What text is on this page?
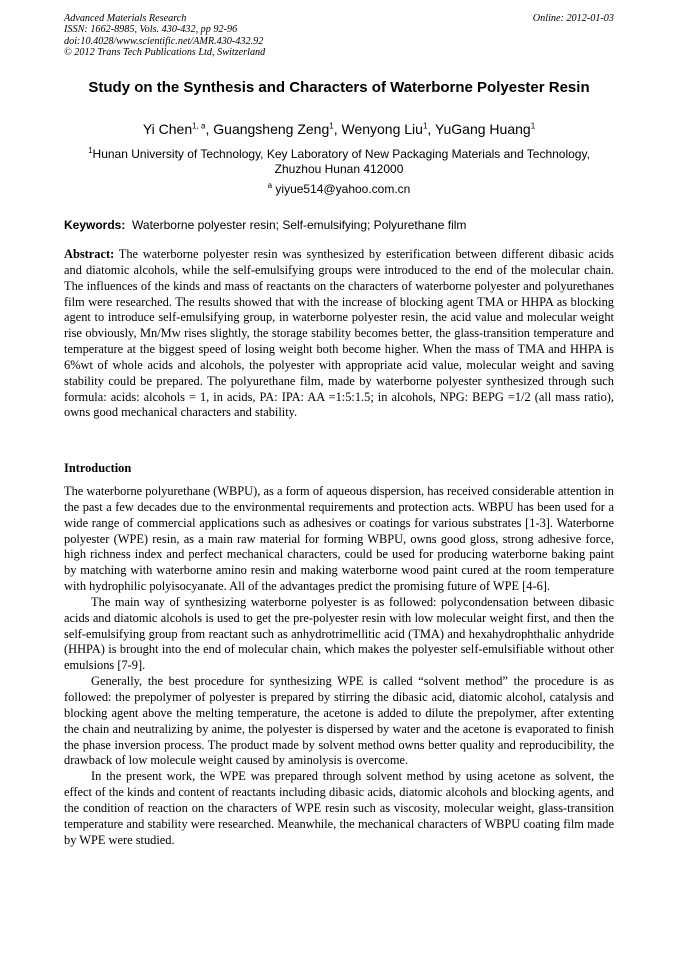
Advanced Materials Research
ISSN: 1662-8985, Vols. 430-432, pp 92-96
doi:10.4028/www.scientific.net/AMR.430-432.92
© 2012 Trans Tech Publications Ltd, Switzerland
Online: 2012-01-03
Study on the Synthesis and Characters of Waterborne Polyester Resin
Yi Chen$^{1, a}$, Guangsheng Zeng$^1$, Wenyong Liu$^1$, YuGang Huang$^1$
$^1$Hunan University of Technology, Key Laboratory of New Packaging Materials and Technology, Zhuzhou Hunan 412000
$^a$ yiyue514@yahoo.com.cn
Keywords: Waterborne polyester resin; Self-emulsifying; Polyurethane film
Abstract: The waterborne polyester resin was synthesized by esterification between different dibasic acids and diatomic alcohols, while the self-emulsifying groups were introduced to the end of the molecular chain. The influences of the kinds and mass of reactants on the characters of waterborne polyester and polyurethanes film were researched. The results showed that with the increase of blocking agent TMA or HHPA as blocking agent to introduce self-emulsifying group, in waterborne polyester resin, the acid value and molecular weight rise obviously, Mn/Mw rises slightly, the storage stability becomes better, the glass-transition temperature and temperature at the biggest speed of losing weight both become higher. When the mass of TMA and HHPA is 6%wt of whole acids and alcohols, the polyester with appropriate acid value, molecular weight and saving stability could be prepared. The polyurethane film, made by waterborne polyester synthesized through such formula: acids: alcohols = 1, in acids, PA: IPA: AA =1:5:1.5; in alcohols, NPG: BEPG =1/2 (all mass ratio), owns good mechanical characters and stability.
Introduction

The waterborne polyurethane (WBPU), as a form of aqueous dispersion, has received considerable attention in the past a few decades due to the environmental requirements and protection acts. WBPU has been used for a wide range of commercial applications such as adhesives or coatings for various substrates [1-3]. Waterborne polyester (WPE) resin, as a main raw material for forming WBPU, owns good gloss, strong adhesive force, high richness index and perfect mechanical characters, could be used for producing waterborne baking paint by matching with waterborne amino resin and making waterborne wood paint cured at the room temperature with hydrophilic polyisocyanate. All of the advantages predict the promising future of WPE [4-6].

The main way of synthesizing waterborne polyester is as followed: polycondensation between dibasic acids and diatomic alcohols is used to get the pre-polyester resin with low molecular weight first, and then the self-emulsifying group from reactant such as anhydrotrimellitic acid (TMA) and hexahydrophthalic anhydride (HHPA) is brought into the end of molecular chain, which makes the polyester self-emulsifiable without other emulsions [7-9].

Generally, the best procedure for synthesizing WPE is called “solvent method” the procedure is as followed: the prepolymer of polyester is prepared by stirring the dibasic acid, diatomic alcohol, catalysis and blocking agent above the melting temperature, the acetone is added to dilute the prepolymer, after extenting the chain and neutralizing by anime, the polyester is dispersed by water and the acetone is evaporated to finish the phase inversion process. The product made by solvent method owns better quality and reproducibility, the drawback of low molecule weight caused by aminolysis is overcome.

In the present work, the WPE was prepared through solvent method by using acetone as solvent, the effect of the kinds and content of reactants including dibasic acids, diatomic alcohols and blocking agents, and the condition of reaction on the characters of WPE resin such as viscosity, molecular weight, glass-transition temperature and stability were researched. Meanwhile, the mechanical characters of WBPU coating film made by WPE were studied.
